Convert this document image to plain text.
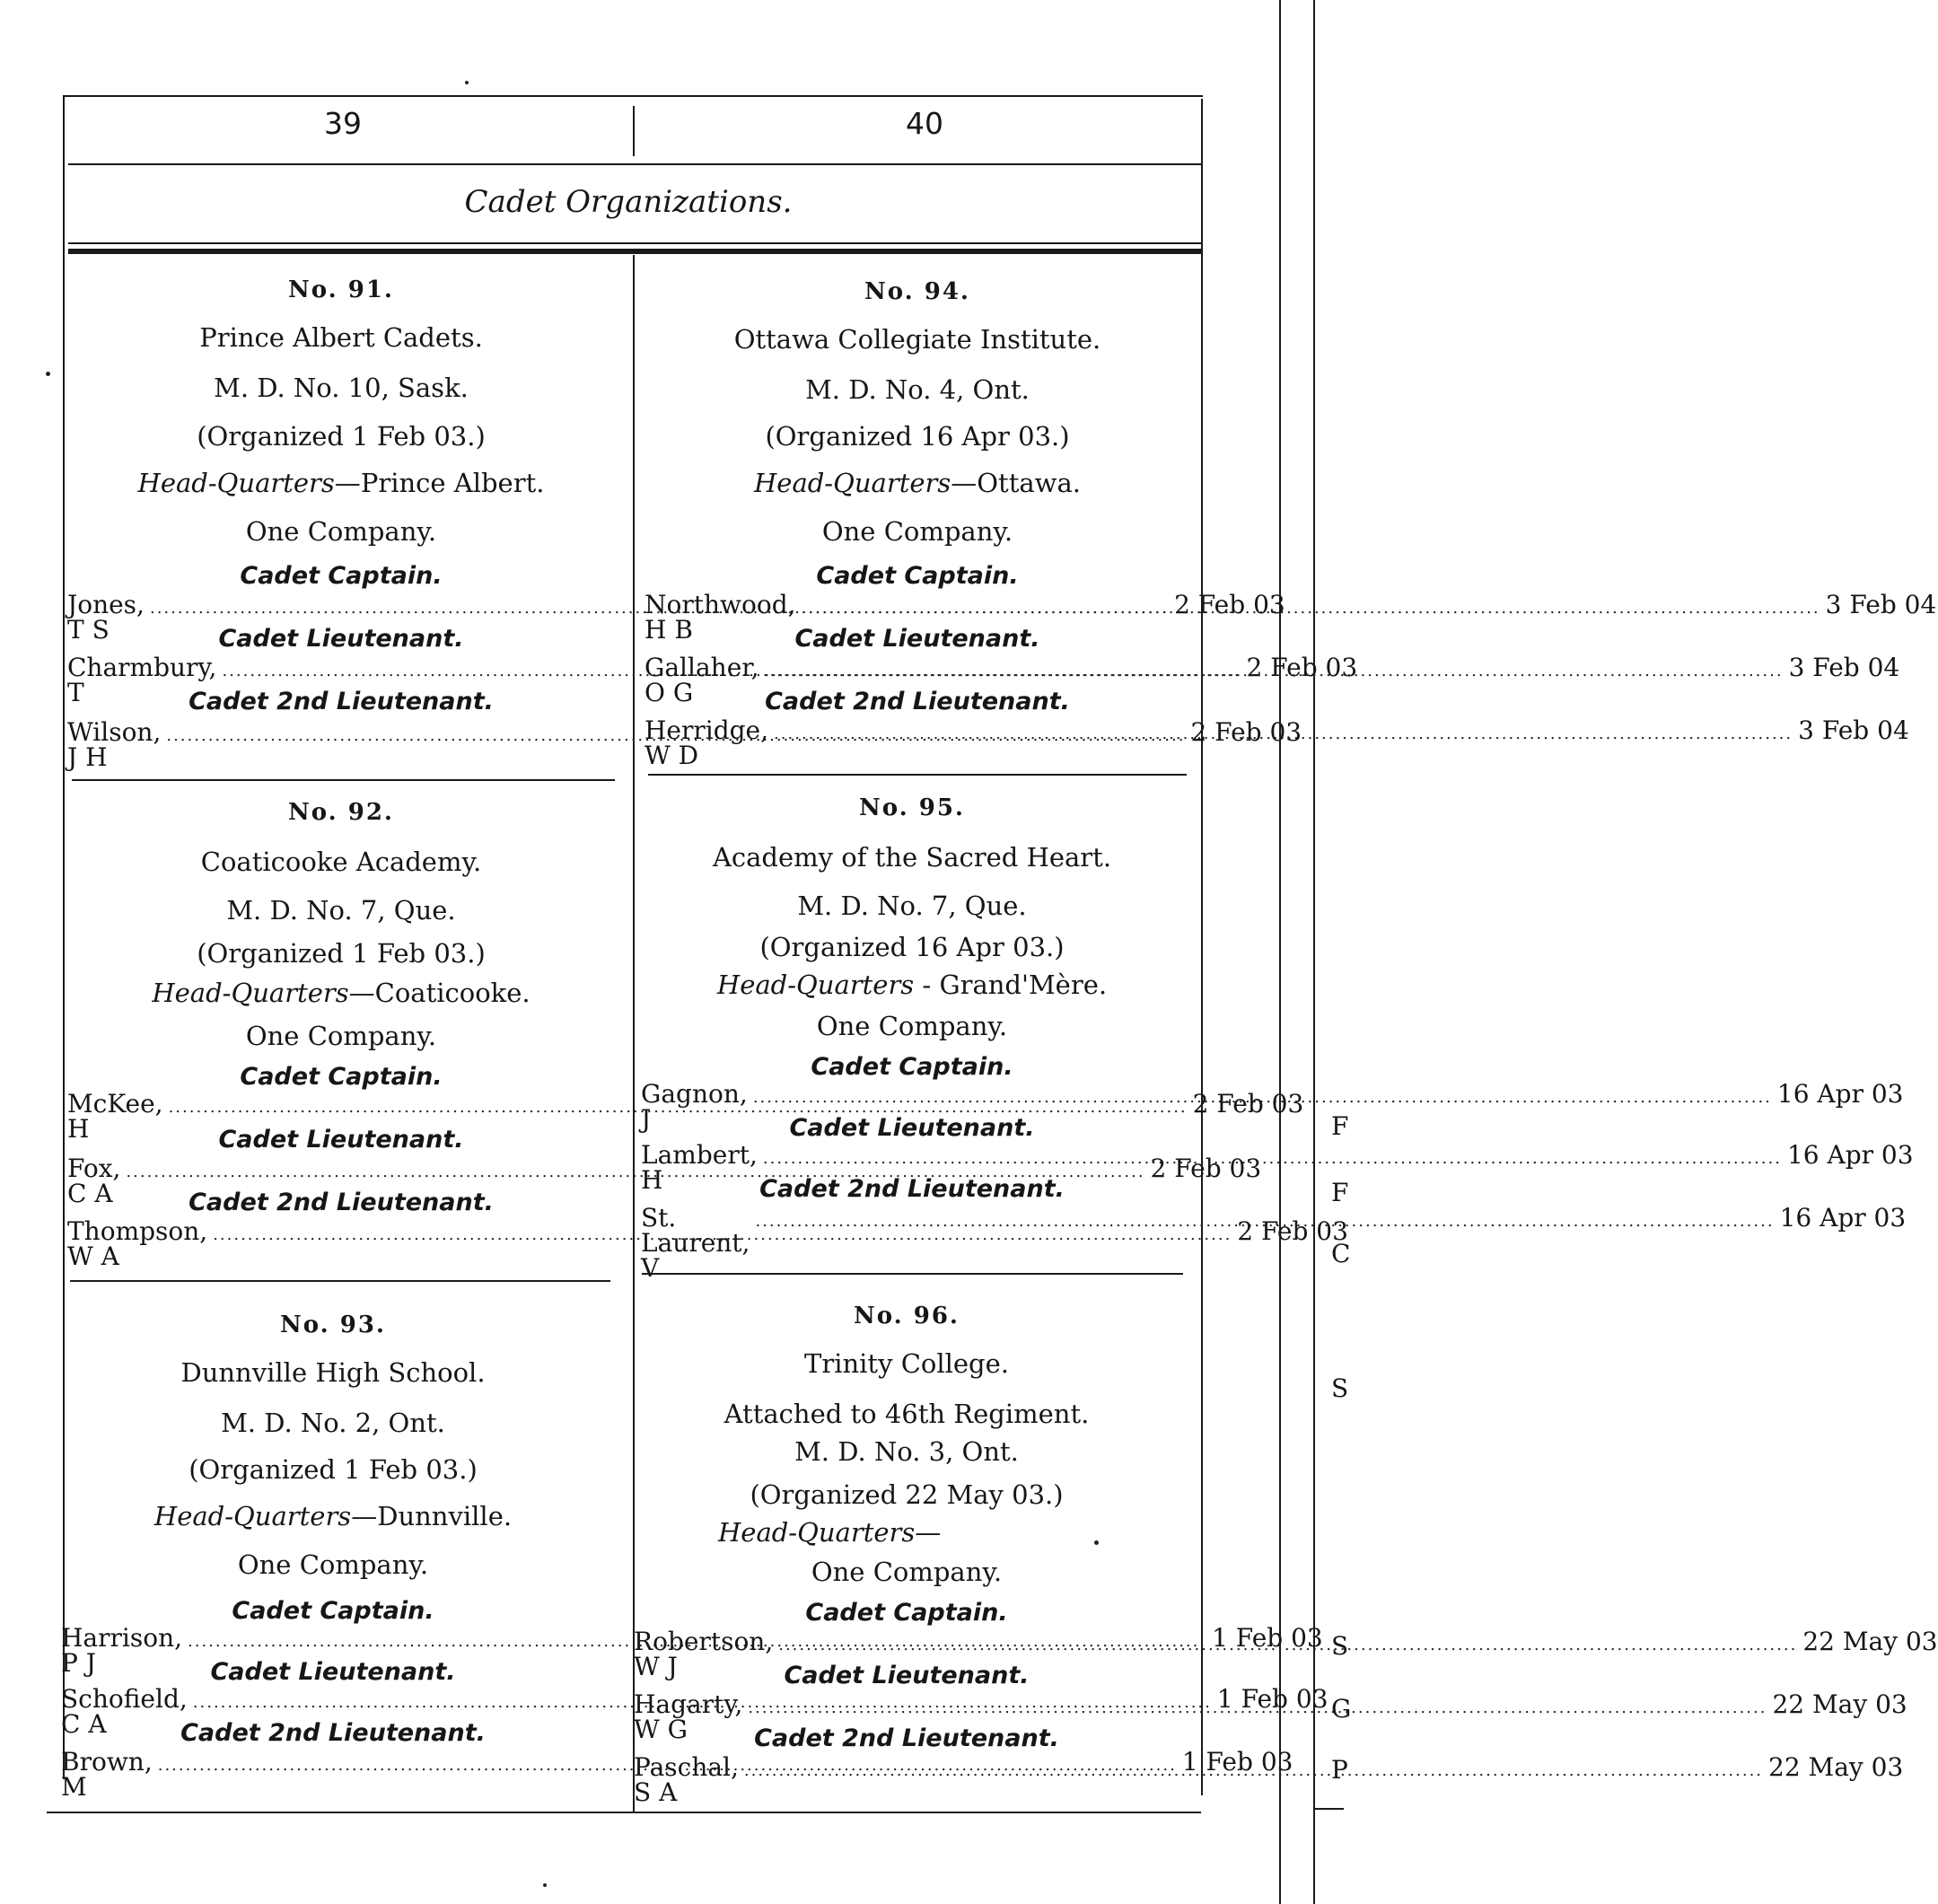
F
F
C
S
S
G
P
39	40
Cadet Organizations.
No. 91.
Prince Albert Cadets.
M. D. No. 10, Sask.
(Organized 1 Feb 03.)
Head-Quarters—Prince Albert.
One Company.
Cadet Captain.
Jones, T S
.....
2 Feb 03
Cadet Lieutenant.
Charmbury, T
.....
2 Feb 03
Cadet 2nd Lieutenant.
Wilson, J H
.....
2 Feb 03
No. 92.
Coaticooke Academy.
M. D. No. 7, Que.
(Organized 1 Feb 03.)
Head-Quarters—Coaticooke.
One Company.
Cadet Captain.
McKee, H
.....
2 Feb 03
Cadet Lieutenant.
Fox, C A
.....
2 Feb 03
Cadet 2nd Lieutenant.
Thompson, W A
.....
2 Feb 03
No. 93.
Dunnville High School.
M. D. No. 2, Ont.
(Organized 1 Feb 03.)
Head-Quarters—Dunnville.
One Company.
Cadet Captain.
Harrison, P J
.....
1 Feb 03
Cadet Lieutenant.
Schofield, C A
.....
1 Feb 03
Cadet 2nd Lieutenant.
Brown, M
.....
1 Feb 03
No. 94.
Ottawa Collegiate Institute.
M. D. No. 4, Ont.
(Organized 16 Apr 03.)
Head-Quarters—Ottawa.
One Company.
Cadet Captain.
Northwood, H B
.....
3 Feb 04
Cadet Lieutenant.
Gallaher, O G
.....
3 Feb 04
Cadet 2nd Lieutenant.
Herridge, W D
.....
3 Feb 04
No. 95.
Academy of the Sacred Heart.
M. D. No. 7, Que.
(Organized 16 Apr 03.)
Head-Quarters - Grand'Mère.
One Company.
Cadet Captain.
Gagnon, J
.....
16 Apr 03
Cadet Lieutenant.
Lambert, H
.....
16 Apr 03
Cadet 2nd Lieutenant.
St. Laurent, V
.....
16 Apr 03
No. 96.
Trinity College.
Attached to 46th Regiment.
M. D. No. 3, Ont.
(Organized 22 May 03.)
Head-Quarters—
One Company.
Cadet Captain.
Robertson, W J
.....
22 May 03
Cadet Lieutenant.
Hagarty, W G
.....
22 May 03
Cadet 2nd Lieutenant.
Paschal, S A
.....
22 May 03
